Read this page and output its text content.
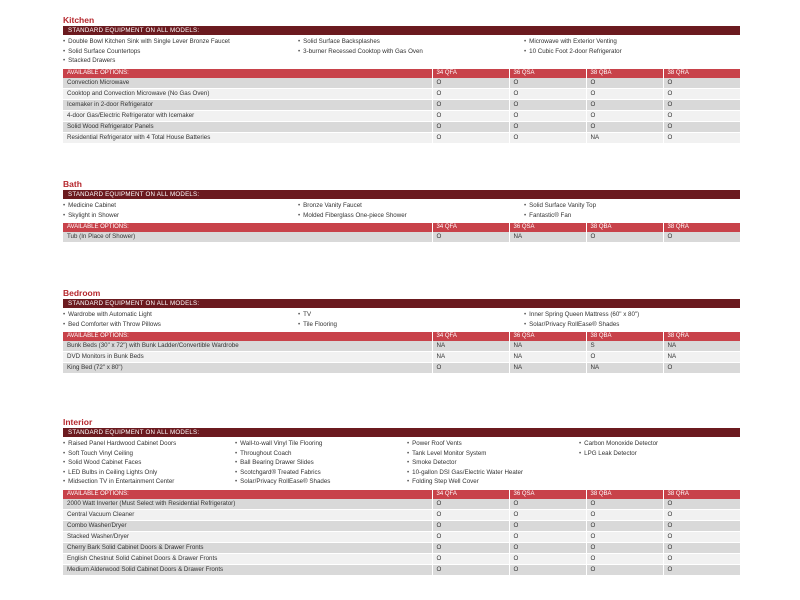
Kitchen
STANDARD EQUIPMENT ON ALL MODELS:
• Double Bowl Kitchen Sink with Single Lever Bronze Faucet
• Solid Surface Countertops
• Stacked Drawers
• Solid Surface Backsplashes
• 3-burner Recessed Cooktop with Gas Oven
• Microwave with Exterior Venting
• 10 Cubic Foot 2-door Refrigerator
AVAILABLE OPTIONS:	34 QFA	36 QSA	38 QBA	38 QRA
Convection Microwave	O	O	O	O
Cooktop and Convection Microwave (No Gas Oven)	O	O	O	O
Icemaker in 2-door Refrigerator	O	O	O	O
4-door Gas/Electric Refrigerator with Icemaker	O	O	O	O
Solid Wood Refrigerator Panels	O	O	O	O
Residential Refrigerator with 4 Total House Batteries	O	O	NA	O
Bath
STANDARD EQUIPMENT ON ALL MODELS:
• Medicine Cabinet
• Skylight in Shower
• Bronze Vanity Faucet
• Molded Fiberglass One-piece Shower
• Solid Surface Vanity Top
• Fantastic® Fan
AVAILABLE OPTIONS:	34 QFA	36 QSA	38 QBA	38 QRA
Tub (In Place of Shower)	O	NA	O	O
Bedroom
STANDARD EQUIPMENT ON ALL MODELS:
• Wardrobe with Automatic Light
• Bed Comforter with Throw Pillows
• TV
• Tile Flooring
• Inner Spring Queen Mattress (60" x 80")
• Solar/Privacy RollEase® Shades
AVAILABLE OPTIONS:	34 QFA	36 QSA	38 QBA	38 QRA
Bunk Beds (30" x 72") with Bunk Ladder/Convertible Wardrobe	NA	NA	S	NA
DVD Monitors in Bunk Beds	NA	NA	O	NA
King Bed (72" x 80")	O	NA	NA	O
Interior
STANDARD EQUIPMENT ON ALL MODELS:
• Raised Panel Hardwood Cabinet Doors
• Soft Touch Vinyl Ceiling
• Solid Wood Cabinet Faces
• LED Bulbs in Ceiling Lights Only
• Midsection TV in Entertainment Center
• Wall-to-wall Vinyl Tile Flooring
• Throughout Coach
• Ball Bearing Drawer Slides
• Scotchgard® Treated Fabrics
• Solar/Privacy RollEase® Shades
• Power Roof Vents
• Tank Level Monitor System
• Smoke Detector
• 10-gallon DSI Gas/Electric Water Heater
• Folding Step Well Cover
• Carbon Monoxide Detector
• LPG Leak Detector
AVAILABLE OPTIONS:	34 QFA	36 QSA	38 QBA	38 QRA
2000 Watt Inverter (Must Select with Residential Refrigerator)	O	O	O	O
Central Vacuum Cleaner	O	O	O	O
Combo Washer/Dryer	O	O	O	O
Stacked Washer/Dryer	O	O	O	O
Cherry Bark Solid Cabinet Doors & Drawer Fronts	O	O	O	O
English Chestnut Solid Cabinet Doors & Drawer Fronts	O	O	O	O
Medium Alderwood Solid Cabinet Doors & Drawer Fronts	O	O	O	O
